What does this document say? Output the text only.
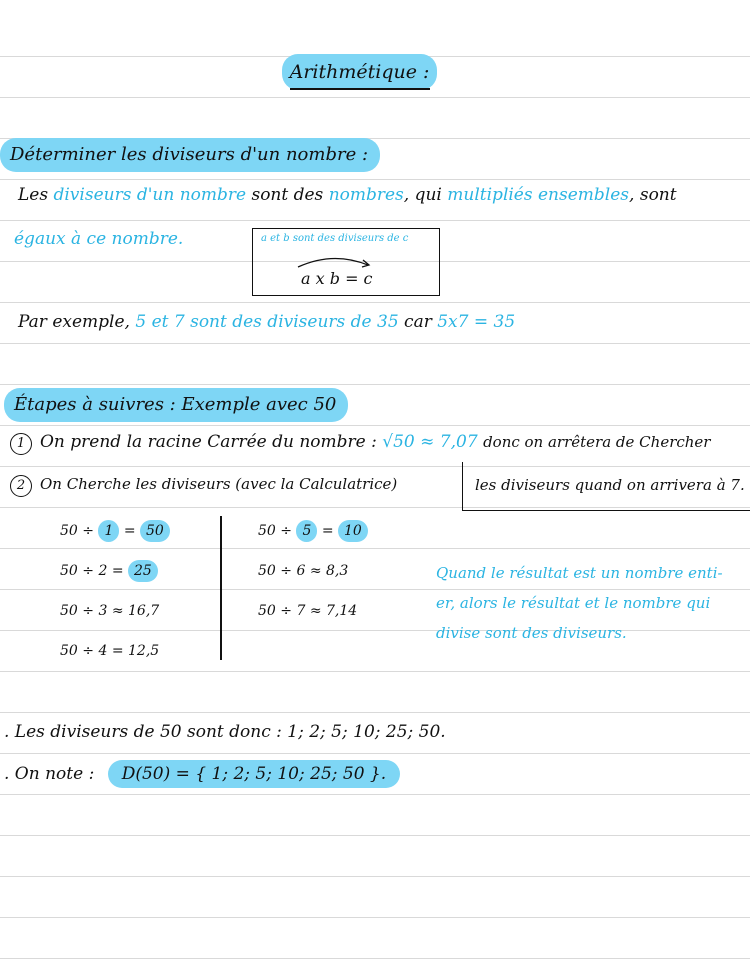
Arithmétique :
Déterminer les diviseurs d'un nombre :
Les diviseurs d'un nombre sont des nombres, qui multipliés ensembles, sont
égaux à ce nombre.	a et b sont des diviseurs de c
a x b = c
Par exemple, 5 et 7 sont des diviseurs de 35 car 5x7 = 35
Étapes à suivres : Exemple avec 50
1 On prend la racine Carrée du nombre : √50 ≈ 7,07 donc on arrêtera de Chercher
2 On Cherche les diviseurs (avec la Calculatrice)	les diviseurs quand on arrivera à 7.
50 ÷ 1 = 50
50 ÷ 2 = 25
50 ÷ 3 ≈ 16,7
50 ÷ 4 = 12,5
50 ÷ 5 = 10
50 ÷ 6 ≈ 8,3
50 ÷ 7 ≈ 7,14
Quand le résultat est un nombre enti-
er, alors le résultat et le nombre qui
divise sont des diviseurs.
. Les diviseurs de 50 sont donc : 1; 2; 5; 10; 25; 50.
. On note : D(50) = { 1; 2; 5; 10; 25; 50 }.
